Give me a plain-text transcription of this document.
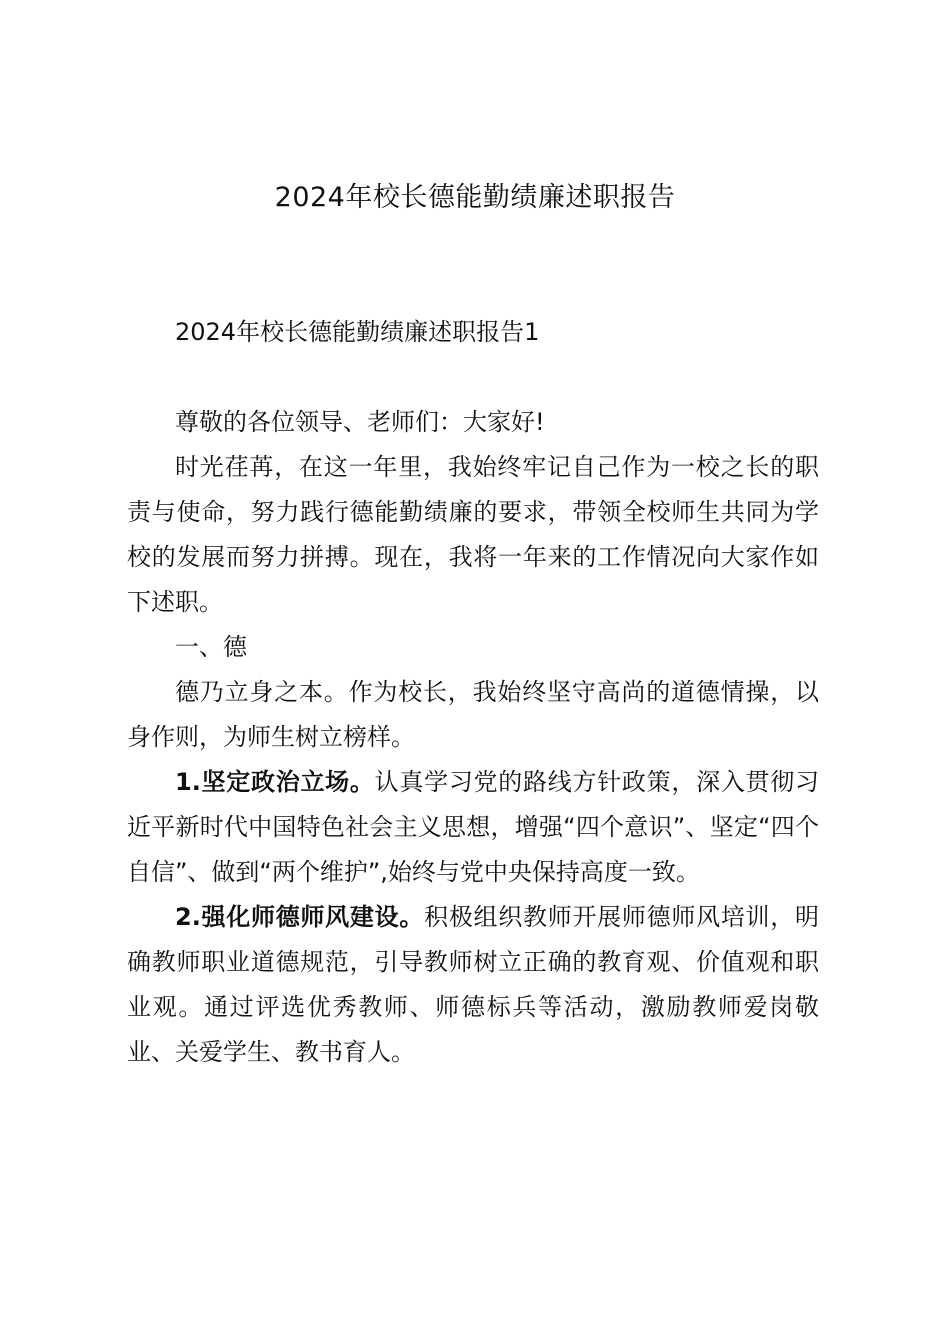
2024年校长德能勤绩廉述职报告

2024年校长德能勤绩廉述职报告1

尊敬的各位领导、老师们：大家好!

时光荏苒，在这一年里，我始终牢记自己作为一校之长的职责与使命，努力践行德能勤绩廉的要求，带领全校师生共同为学校的发展而努力拼搏。现在，我将一年来的工作情况向大家作如下述职。

一、德

德乃立身之本。作为校长，我始终坚守高尚的道德情操，以身作则，为师生树立榜样。

1.坚定政治立场。认真学习党的路线方针政策，深入贯彻习近平新时代中国特色社会主义思想，增强“四个意识”、坚定“四个自信”、做到“两个维护”,始终与党中央保持高度一致。

2.强化师德师风建设。积极组织教师开展师德师风培训，明确教师职业道德规范，引导教师树立正确的教育观、价值观和职业观。通过评选优秀教师、师德标兵等活动，激励教师爱岗敬业、关爱学生、教书育人。
